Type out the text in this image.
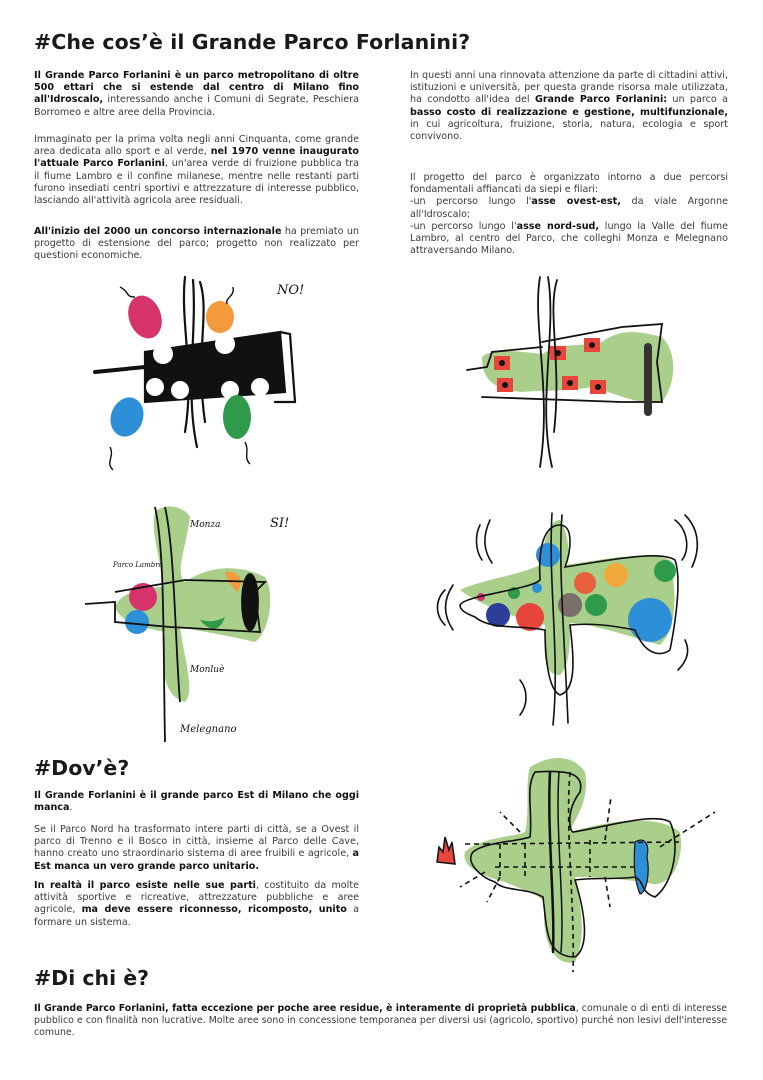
#Che cos’è il Grande Parco Forlanini?
Il Grande Parco Forlanini è un parco metropolitano di oltre 500 ettari che si estende dal centro di Milano fino all'Idroscalo, interessando anche i Comuni di Segrate, Peschiera Borromeo e altre aree della Provincia.
Immaginato per la prima volta negli anni Cinquanta, come grande area dedicata allo sport e al verde, nel 1970 venne inaugurato l'attuale Parco Forlanini, un'area verde di fruizione pubblica tra il fiume Lambro e il confine milanese, mentre nelle restanti parti furono insediati centri sportivi e attrezzature di interesse pubblico, lasciando all'attività agricola aree residuali.
All'inizio del 2000 un concorso internazionale ha premiato un progetto di estensione del parco; progetto non realizzato per questioni economiche.
In questi anni una rinnovata attenzione da parte di cittadini attivi, istituzioni e università, per questa grande risorsa male utilizzata, ha condotto all'idea del Grande Parco Forlanini: un parco a basso costo di realizzazione e gestione, multifunzionale, in cui agricoltura, fruizione, storia, natura, ecologia e sport convivono.
Il progetto del parco è organizzato intorno a due percorsi fondamentali affiancati da siepi e filari:
-un percorso lungo l'asse ovest-est, da viale Argonne all'Idroscalo;
-un percorso lungo l'asse nord-sud, lungo la Valle del fiume Lambro, al centro del Parco, che colleghi Monza e Melegnano attraversando Milano.
NO!
SI!
Monza
Parco Lambro
Monluè
Melegnano
#Dov’è?
Il Grande Forlanini è il grande parco Est di Milano che oggi manca.
Se il Parco Nord ha trasformato intere parti di città, se a Ovest il parco di Trenno e il Bosco in città, insieme al Parco delle Cave, hanno creato uno straordinario sistema di aree fruibili e agricole, a Est manca un vero grande parco unitario.
In realtà il parco esiste nelle sue parti, costituito da molte attività sportive e ricreative, attrezzature pubbliche e aree agricole, ma deve essere riconnesso, ricomposto, unito a formare un sistema.
#Di chi è?
Il Grande Parco Forlanini, fatta eccezione per poche aree residue, è interamente di proprietà pubblica, comunale o di enti di interesse pubblico e con finalità non lucrative. Molte aree sono in concessione temporanea per diversi usi (agricolo, sportivo) purché non lesivi dell'interesse comune.
